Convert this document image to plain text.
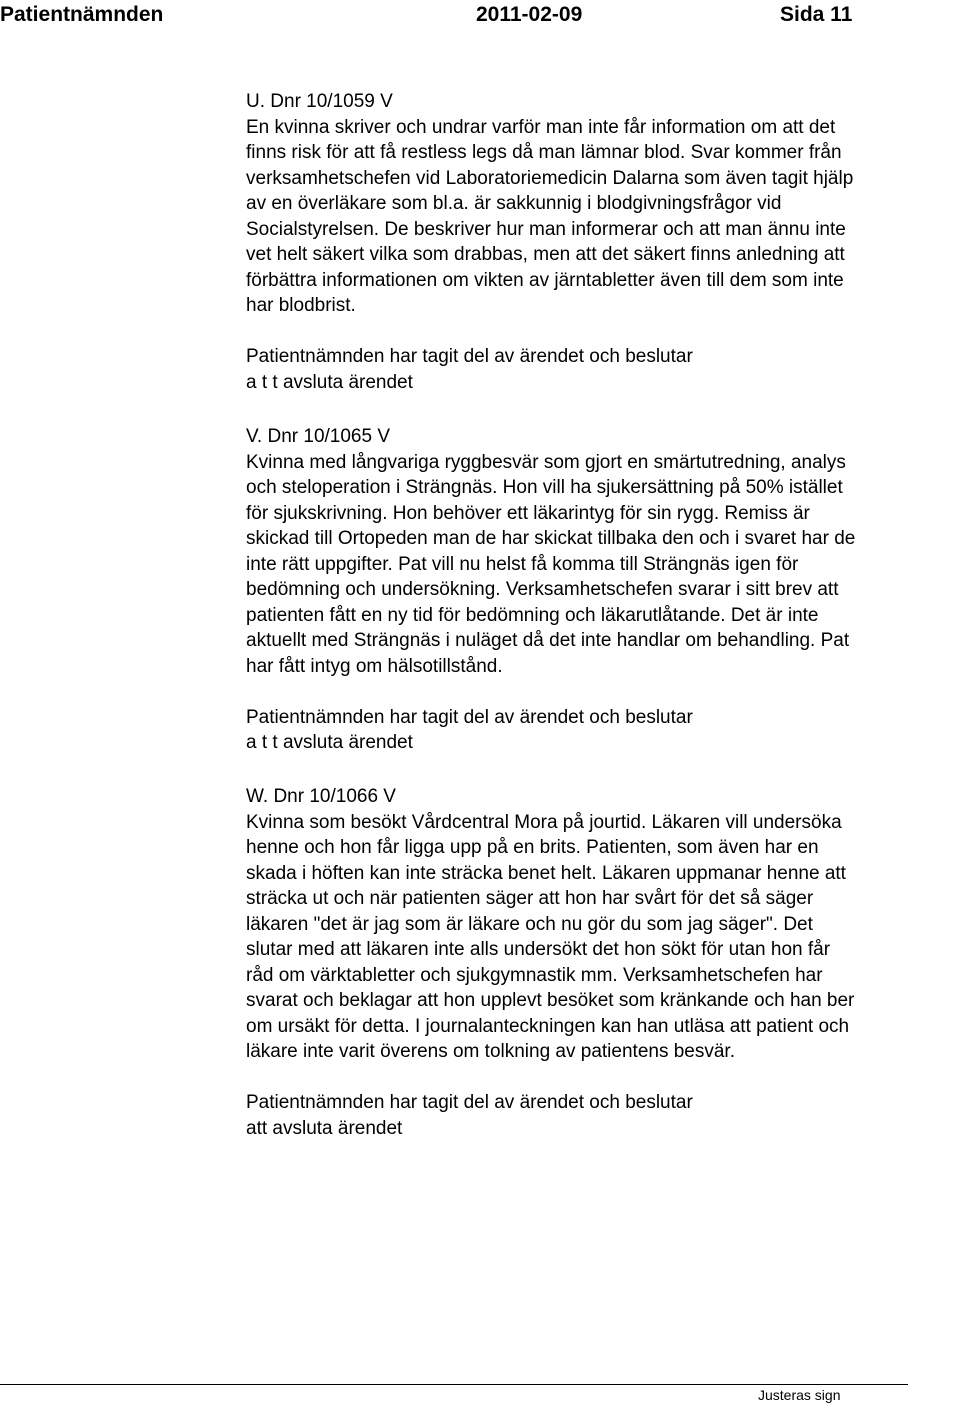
Patientnämnden	2011-02-09	Sida 11

U. Dnr 10/1059 V

En kvinna skriver och undrar varför man inte får information om att det

finns risk för att få restless legs då man lämnar blod. Svar kommer från

verksamhetschefen vid Laboratoriemedicin Dalarna som även tagit hjälp

av en överläkare som bl.a. är sakkunnig i blodgivningsfrågor vid

Socialstyrelsen. De beskriver hur man informerar och att man ännu inte

vet helt säkert vilka som drabbas, men att det säkert finns anledning att

förbättra informationen om vikten av järntabletter även till dem som inte

har blodbrist.

Patientnämnden har tagit del av ärendet och beslutar

a t t avsluta ärendet

V. Dnr 10/1065 V

Kvinna med långvariga ryggbesvär som gjort en smärtutredning, analys

och steloperation i Strängnäs. Hon vill ha sjukersättning på 50% istället

för sjukskrivning. Hon behöver ett läkarintyg för sin rygg. Remiss är

skickad till Ortopeden man de har skickat tillbaka den och i svaret har de

inte rätt uppgifter. Pat vill nu helst få komma till Strängnäs igen för

bedömning och undersökning. Verksamhetschefen svarar i sitt brev att

patienten fått en ny tid för bedömning och läkarutlåtande. Det är inte

aktuellt med Strängnäs i nuläget då det inte handlar om behandling. Pat

har fått intyg om hälsotillstånd.

Patientnämnden har tagit del av ärendet och beslutar

a t t avsluta ärendet

W. Dnr 10/1066 V

Kvinna som besökt Vårdcentral Mora på jourtid. Läkaren vill undersöka

henne och hon får ligga upp på en brits. Patienten, som även har en

skada i höften kan inte sträcka benet helt. Läkaren uppmanar henne att

sträcka ut och när patienten säger att hon har svårt för det så säger

läkaren "det är jag som är läkare och nu gör du som jag säger". Det

slutar med att läkaren inte alls undersökt det hon sökt för utan hon får

råd om värktabletter och sjukgymnastik mm. Verksamhetschefen har

svarat och beklagar att hon upplevt besöket som kränkande och han ber

om ursäkt för detta. I journalanteckningen kan han utläsa att patient och

läkare inte varit överens om tolkning av patientens besvär.

Patientnämnden har tagit del av ärendet och beslutar

att avsluta ärendet

Justeras sign
